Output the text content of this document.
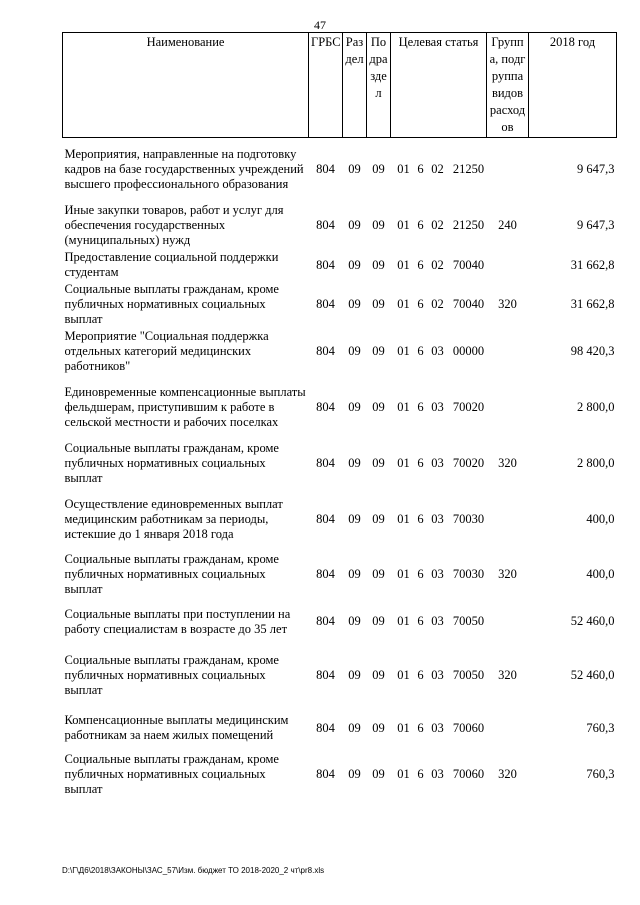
47
Наименование	ГРБС	Раздел	Подраздел	Целевая статья	Группа, подгруппа видов расходов	2018 год
Мероприятия, направленные на подготовку кадров на базе государственных учреждений высшего профессионального образования	804	09	09	01 6 02 21250		9 647,3
Иные закупки товаров, работ и услуг для обеспечения государственных (муниципальных) нужд	804	09	09	01 6 02 21250	240	9 647,3
Предоставление социальной поддержки студентам	804	09	09	01 6 02 70040		31 662,8
Социальные выплаты гражданам, кроме публичных нормативных социальных выплат	804	09	09	01 6 02 70040	320	31 662,8
Мероприятие "Социальная поддержка отдельных категорий медицинских работников"	804	09	09	01 6 03 00000		98 420,3
Единовременные компенсационные выплаты фельдшерам, приступившим к работе в сельской местности и рабочих поселках	804	09	09	01 6 03 70020		2 800,0
Социальные выплаты гражданам, кроме публичных нормативных социальных выплат	804	09	09	01 6 03 70020	320	2 800,0
Осуществление единовременных выплат медицинским работникам за периоды, истекшие до 1 января 2018 года	804	09	09	01 6 03 70030		400,0
Социальные выплаты гражданам, кроме публичных нормативных социальных выплат	804	09	09	01 6 03 70030	320	400,0
Социальные выплаты при поступлении на работу специалистам в возрасте до 35 лет	804	09	09	01 6 03 70050		52 460,0
Социальные выплаты гражданам, кроме публичных нормативных социальных выплат	804	09	09	01 6 03 70050	320	52 460,0
Компенсационные выплаты медицинским работникам за наем жилых помещений	804	09	09	01 6 03 70060		760,3
Социальные выплаты гражданам, кроме публичных нормативных социальных выплат	804	09	09	01 6 03 70060	320	760,3
D:\Г\Д6\2018\ЗАКОНЫ\ЗАС_57\Изм. бюджет ТО 2018-2020_2 чт\pr8.xls
